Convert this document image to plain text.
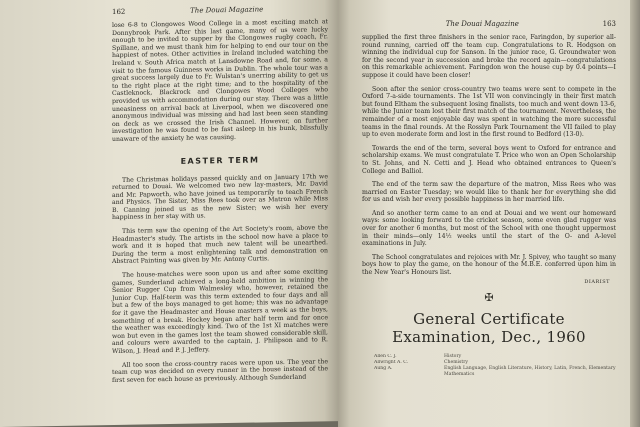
162	The Douai Magazine

lose 6-8 to Clongowes Wood College in a most exciting match at Donnybrook Park. After this last game, many of us were lucky enough to be invited to supper by the Clongowes rugby coach, Fr. Spillane, and we must thank him for helping to end our tour on the happiest of notes. Other activities in Ireland included watching the Ireland v. South Africa match at Lansdowne Road and, for some, a visit to the famous Guinness works in Dublin. The whole tour was a great success largely due to Fr. Wulstan's unerring ability to get us to the right place at the right time; and to the hospitality of the Castleknock, Blackrock and Clongowes Wood Colleges who provided us with accommodation during our stay. There was a little uneasiness on arrival back at Liverpool, when we discovered one anonymous individual was missing and had last been seen standing on deck as we crossed the Irish Channel. However, on further investigation he was found to be fast asleep in his bunk, blissfully unaware of the anxiety he was causing.

EASTER TERM

The Christmas holidays passed quickly and on January 17th we returned to Douai. We welcomed two new lay-masters, Mr. David and Mr. Papworth, who have joined us temporarily to teach French and Physics. The Sister, Miss Rees took over as Matron while Miss B. Canning joined us as the new Sister; we wish her every happiness in her stay with us.

This term saw the opening of the Art Society's room, above the Headmaster's study. The artists in the school now have a place to work and it is hoped that much new talent will be unearthed. During the term a most enlightening talk and demonstration on Abstract Painting was given by Mr. Antony Curtis.

The house-matches were soon upon us and after some exciting games, Sunderland achieved a long-held ambition in winning the Senior Rugger Cup from Walmesley who, however, retained the Junior Cup. Half-term was this term extended to four days and all but a few of the boys managed to get home; this was no advantage for it gave the Headmaster and House masters a week as the boys, something of a break. Hockey began after half term and for once the weather was exceedingly kind. Two of the 1st XI matches were won but even in the games lost the team showed considerable skill, and colours were awarded to the captain, J. Philipson and to R. Wilson, J. Head and P. J. Jeffery.

All too soon the cross-country races were upon us. The year the team cup was decided on every runner in the house instead of the first seven for each house as previously. Although Sunderland

The Douai Magazine	163

supplied the first three finishers in the senior race, Faringdon, by superior all-round running, carried off the team cup. Congratulations to R. Hodgson on winning the individual cup for Sanson. In the junior race, G. Groundwater won for the second year in succession and broke the record again—congratulations on this remarkable achievement. Faringdon won the house cup by 0.4 points—I suppose it could have been closer!

Soon after the senior cross-country two teams were sent to compete in the Oxford 7-a-side tournaments. The 1st VII won convincingly in their first match but found Eltham the subsequent losing finalists, too much and went down 13-6, while the Junior team lost their first match of the tournament. Nevertheless, the remainder of a most enjoyable day was spent in watching the more successful teams in the final rounds. At the Rosslyn Park Tournament the VII failed to play up to even moderate form and lost in the first round to Bedford (13-0).

Towards the end of the term, several boys went to Oxford for entrance and scholarship exams. We must congratulate T. Price who won an Open Scholarship to St. Johns, and N. Cetti and J. Head who obtained entrances to Queen's College and Balliol.

The end of the term saw the departure of the matron, Miss Rees who was married on Easter Tuesday; we would like to thank her for everything she did for us and wish her every possible happiness in her married life.

And so another term came to an end at Douai and we went our homeward ways: some looking forward to the cricket season, some even glad rugger was over for another 6 months, but most of the School with one thought uppermost in their minds—only 14½ weeks until the start of the O- and A-level examinations in July.

The School congratulates and rejoices with Mr. J. Spivey, who taught so many boys how to play the game, on the honour of the M.B.E. conferred upon him in the New Year's Honours list.

DIARIST
✠
General Certificate
Examination, Dec., 1960
Allen C. J.
Allwright A. C.
Aung A.
History
Chemistry
English Language, English Literature, History, Latin, French, Elementary Mathematics
